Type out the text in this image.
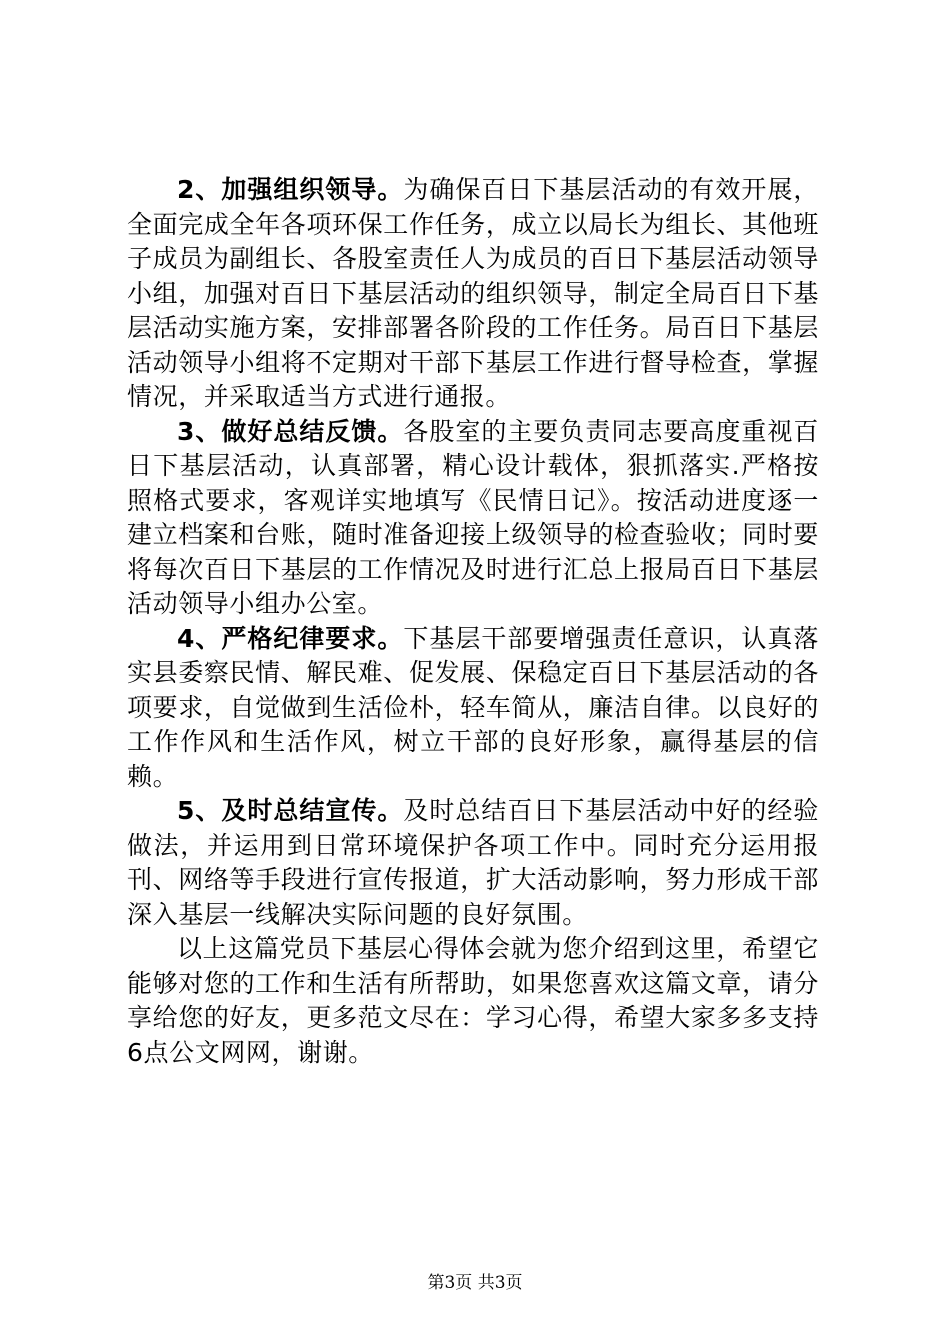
2、加强组织领导。为确保百日下基层活动的有效开展，全面完成全年各项环保工作任务，成立以局长为组长、其他班子成员为副组长、各股室责任人为成员的百日下基层活动领导小组，加强对百日下基层活动的组织领导，制定全局百日下基层活动实施方案，安排部署各阶段的工作任务。局百日下基层活动领导小组将不定期对干部下基层工作进行督导检查，掌握情况，并采取适当方式进行通报。

3、做好总结反馈。各股室的主要负责同志要高度重视百日下基层活动，认真部署，精心设计载体，狠抓落实.严格按照格式要求，客观详实地填写《民情日记》。按活动进度逐一建立档案和台账，随时准备迎接上级领导的检查验收；同时要将每次百日下基层的工作情况及时进行汇总上报局百日下基层活动领导小组办公室。

4、严格纪律要求。下基层干部要增强责任意识，认真落实县委察民情、解民难、促发展、保稳定百日下基层活动的各项要求，自觉做到生活俭朴，轻车简从，廉洁自律。以良好的工作作风和生活作风，树立干部的良好形象，赢得基层的信赖。

5、及时总结宣传。及时总结百日下基层活动中好的经验做法，并运用到日常环境保护各项工作中。同时充分运用报刊、网络等手段进行宣传报道，扩大活动影响，努力形成干部深入基层一线解决实际问题的良好氛围。

以上这篇党员下基层心得体会就为您介绍到这里，希望它能够对您的工作和生活有所帮助，如果您喜欢这篇文章，请分享给您的好友，更多范文尽在：学习心得，希望大家多多支持6点公文网网，谢谢。

第3页 共3页
